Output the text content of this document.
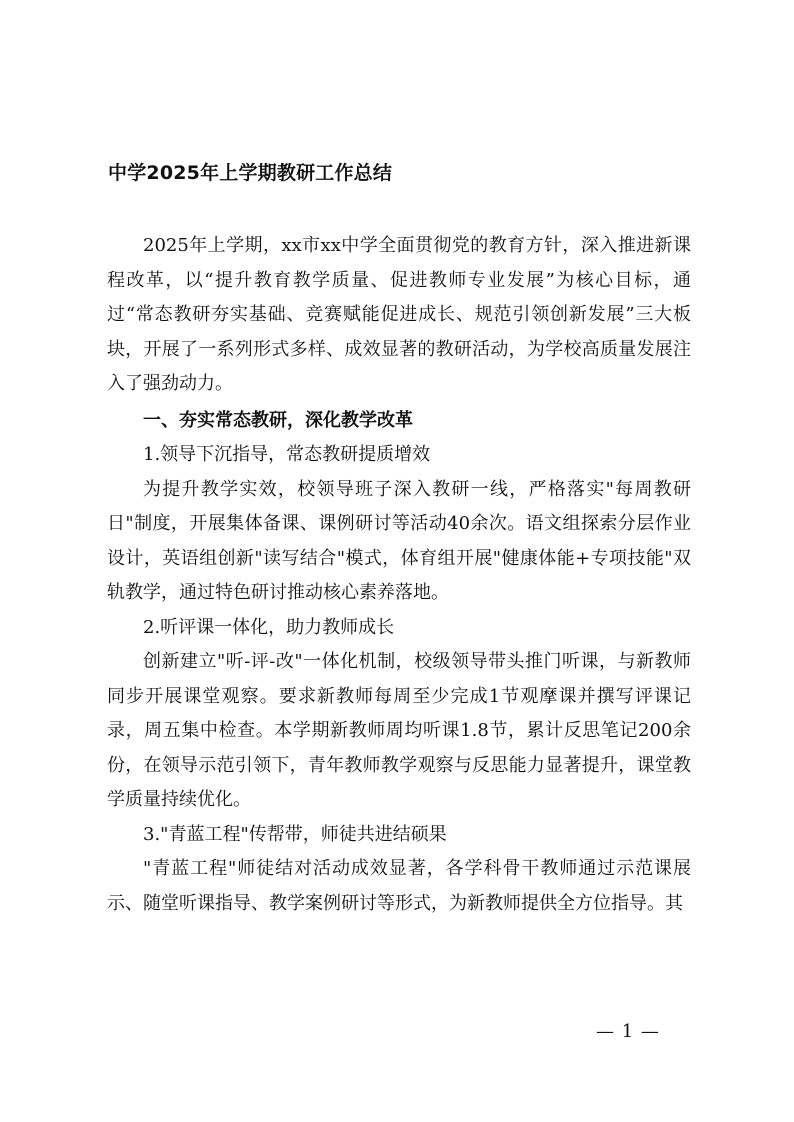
中学2025年上学期教研工作总结

2025年上学期，xx市xx中学全面贯彻党的教育方针，深入推进新课程改革，以“提升教育教学质量、促进教师专业发展”为核心目标，通过“常态教研夯实基础、竞赛赋能促进成长、规范引领创新发展”三大板块，开展了一系列形式多样、成效显著的教研活动，为学校高质量发展注入了强劲动力。

一、夯实常态教研，深化教学改革

1.领导下沉指导，常态教研提质增效

为提升教学实效，校领导班子深入教研一线，严格落实"每周教研日"制度，开展集体备课、课例研讨等活动40余次。语文组探索分层作业设计，英语组创新"读写结合"模式，体育组开展"健康体能+专项技能"双轨教学，通过特色研讨推动核心素养落地。

2.听评课一体化，助力教师成长

创新建立"听-评-改"一体化机制，校级领导带头推门听课，与新教师同步开展课堂观察。要求新教师每周至少完成1节观摩课并撰写评课记录，周五集中检查。本学期新教师周均听课1.8节，累计反思笔记200余份，在领导示范引领下，青年教师教学观察与反思能力显著提升，课堂教学质量持续优化。

3."青蓝工程"传帮带，师徒共进结硕果

"青蓝工程"师徒结对活动成效显著，各学科骨干教师通过示范课展示、随堂听课指导、教学案例研讨等形式，为新教师提供全方位指导。其

— 1 —
